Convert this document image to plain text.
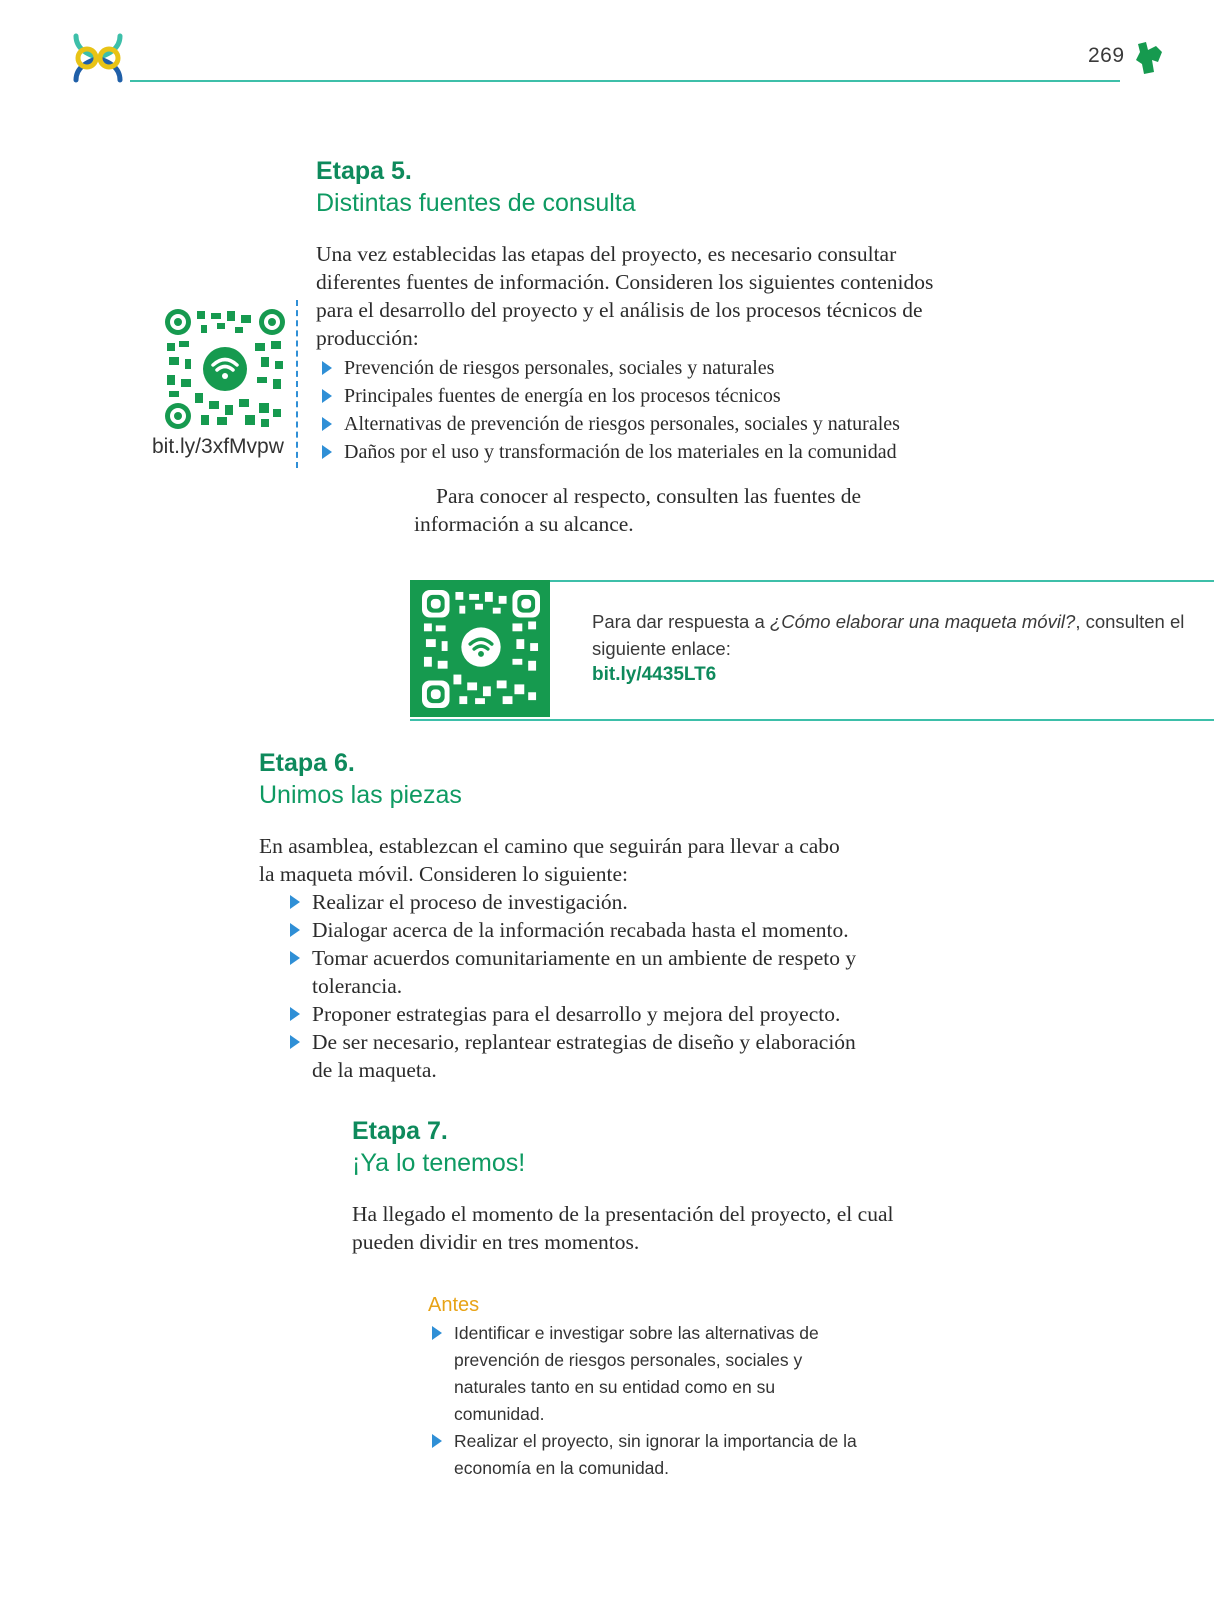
269
Etapa 5.
Distintas fuentes de consulta
Una vez establecidas las etapas del proyecto, es necesario consultar diferentes fuentes de información. Consideren los siguientes contenidos para el desarrollo del proyecto y el análisis de los procesos técnicos de producción:
Prevención de riesgos personales, sociales y naturales
Principales fuentes de energía en los procesos técnicos
Alternativas de prevención de riesgos personales, sociales y naturales
Daños por el uso y transformación de los materiales en la comunidad
Para conocer al respecto, consulten las fuentes de información a su alcance.
bit.ly/3xfMvpw
Para dar respuesta a ¿Cómo elaborar una maqueta móvil?, consulten el siguiente enlace:
bit.ly/4435LT6
Etapa 6.
Unimos las piezas
En asamblea, establezcan el camino que seguirán para llevar a cabo la maqueta móvil. Consideren lo siguiente:
Realizar el proceso de investigación.
Dialogar acerca de la información recabada hasta el momento.
Tomar acuerdos comunitariamente en un ambiente de respeto y tolerancia.
Proponer estrategias para el desarrollo y mejora del proyecto.
De ser necesario, replantear estrategias de diseño y elaboración de la maqueta.
Etapa 7.
¡Ya lo tenemos!
Ha llegado el momento de la presentación del proyecto, el cual pueden dividir en tres momentos.
Antes
Identificar e investigar sobre las alternativas de prevención de riesgos personales, sociales y naturales tanto en su entidad como en su comunidad.
Realizar el proyecto, sin ignorar la importancia de la economía en la comunidad.
